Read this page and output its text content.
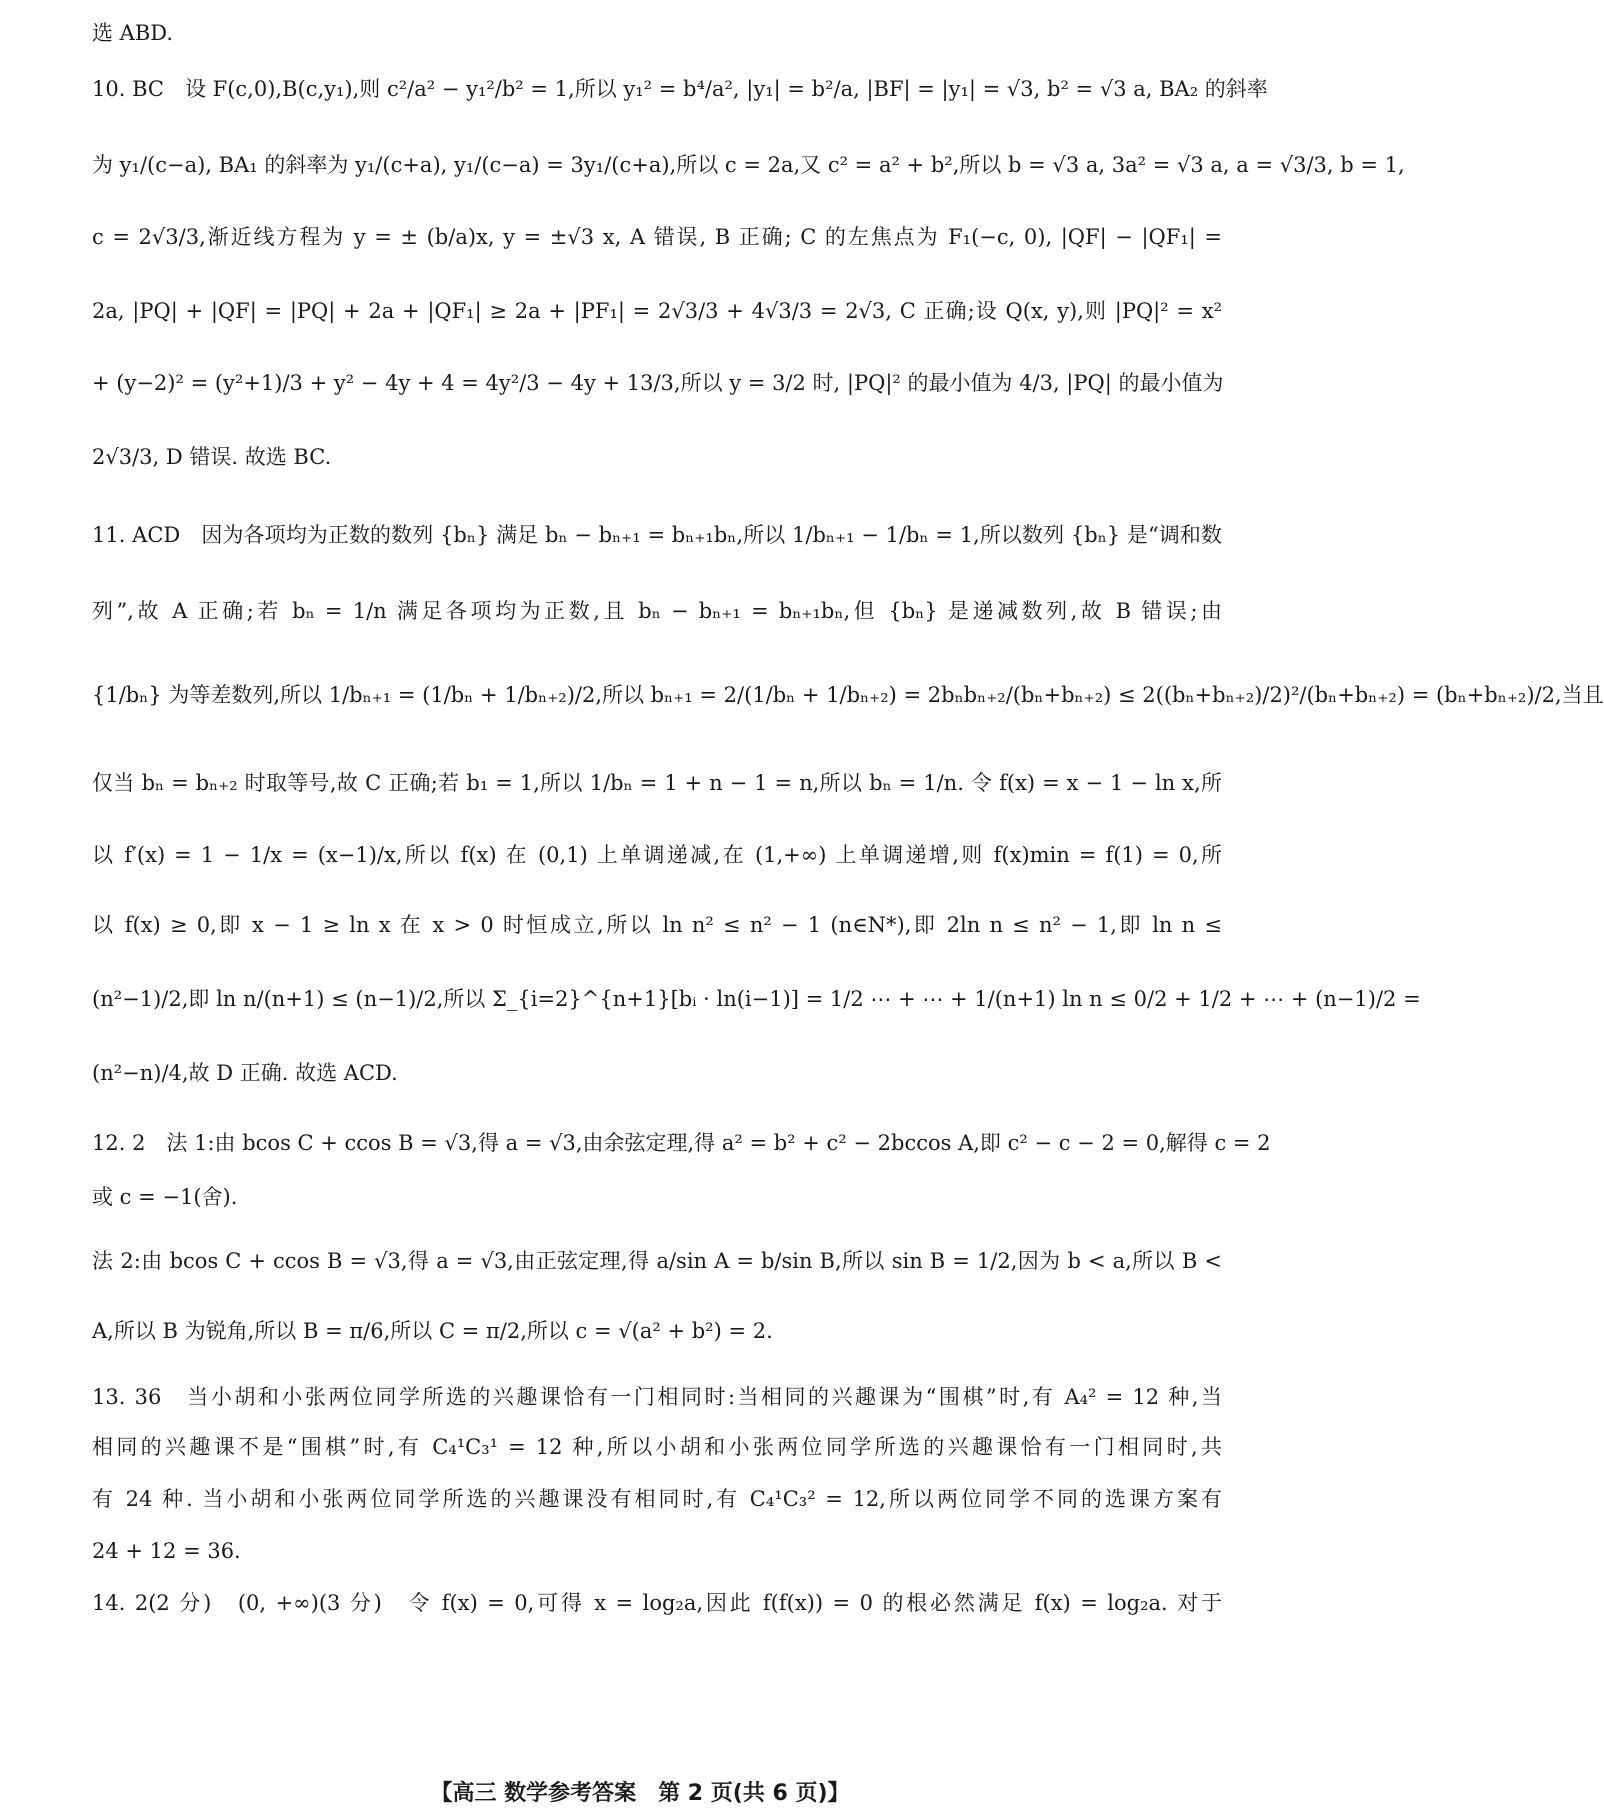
选 ABD.
10. BC　设 F(c,0),B(c,y₁),则 c²/a² − y₁²/b² = 1,所以 y₁² = b⁴/a², |y₁| = b²/a, |BF| = |y₁| = √3, b² = √3 a, BA₂ 的斜率
为 y₁/(c−a), BA₁ 的斜率为 y₁/(c+a), y₁/(c−a) = 3y₁/(c+a),所以 c = 2a,又 c² = a² + b²,所以 b = √3 a, 3a² = √3 a, a = √3/3, b = 1,
c = 2√3/3,渐近线方程为 y = ± (b/a)x, y = ±√3 x, A 错误, B 正确; C 的左焦点为 F₁(−c, 0), |QF| − |QF₁| =
2a, |PQ| + |QF| = |PQ| + 2a + |QF₁| ≥ 2a + |PF₁| = 2√3/3 + 4√3/3 = 2√3, C 正确;设 Q(x, y),则 |PQ|² = x²
+ (y−2)² = (y²+1)/3 + y² − 4y + 4 = 4y²/3 − 4y + 13/3,所以 y = 3/2 时, |PQ|² 的最小值为 4/3, |PQ| 的最小值为
2√3/3, D 错误. 故选 BC.
11. ACD　因为各项均为正数的数列 {bₙ} 满足 bₙ − bₙ₊₁ = bₙ₊₁bₙ,所以 1/bₙ₊₁ − 1/bₙ = 1,所以数列 {bₙ} 是“调和数
列”,故 A 正确;若 bₙ = 1/n 满足各项均为正数,且 bₙ − bₙ₊₁ = bₙ₊₁bₙ,但 {bₙ} 是递减数列,故 B 错误;由
{1/bₙ} 为等差数列,所以 1/bₙ₊₁ = (1/bₙ + 1/bₙ₊₂)/2,所以 bₙ₊₁ = 2/(1/bₙ + 1/bₙ₊₂) = 2bₙbₙ₊₂/(bₙ+bₙ₊₂) ≤ 2((bₙ+bₙ₊₂)/2)²/(bₙ+bₙ₊₂) = (bₙ+bₙ₊₂)/2,当且
仅当 bₙ = bₙ₊₂ 时取等号,故 C 正确;若 b₁ = 1,所以 1/bₙ = 1 + n − 1 = n,所以 bₙ = 1/n. 令 f(x) = x − 1 − ln x,所
以 f′(x) = 1 − 1/x = (x−1)/x,所以 f(x) 在 (0,1) 上单调递减,在 (1,+∞) 上单调递增,则 f(x)min = f(1) = 0,所
以 f(x) ≥ 0,即 x − 1 ≥ ln x 在 x > 0 时恒成立,所以 ln n² ≤ n² − 1 (n∈N*),即 2ln n ≤ n² − 1,即 ln n ≤
(n²−1)/2,即 ln n/(n+1) ≤ (n−1)/2,所以 Σ_{i=2}^{n+1}[bᵢ · ln(i−1)] = 1/2 ⋯ + ⋯ + 1/(n+1) ln n ≤ 0/2 + 1/2 + ⋯ + (n−1)/2 =
(n²−n)/4,故 D 正确. 故选 ACD.
12. 2　法 1:由 bcos C + ccos B = √3,得 a = √3,由余弦定理,得 a² = b² + c² − 2bccos A,即 c² − c − 2 = 0,解得 c = 2
或 c = −1(舍).
法 2:由 bcos C + ccos B = √3,得 a = √3,由正弦定理,得 a/sin A = b/sin B,所以 sin B = 1/2,因为 b < a,所以 B <
A,所以 B 为锐角,所以 B = π/6,所以 C = π/2,所以 c = √(a² + b²) = 2.
13. 36　当小胡和小张两位同学所选的兴趣课恰有一门相同时:当相同的兴趣课为“围棋”时,有 A₄² = 12 种,当
相同的兴趣课不是“围棋”时,有 C₄¹C₃¹ = 12 种,所以小胡和小张两位同学所选的兴趣课恰有一门相同时,共
有 24 种. 当小胡和小张两位同学所选的兴趣课没有相同时,有 C₄¹C₃² = 12,所以两位同学不同的选课方案有
24 + 12 = 36.
14. 2(2 分)　(0, +∞)(3 分)　令 f(x) = 0,可得 x = log₂a,因此 f(f(x)) = 0 的根必然满足 f(x) = log₂a. 对于
【高三 数学参考答案　第 2 页(共 6 页)】
